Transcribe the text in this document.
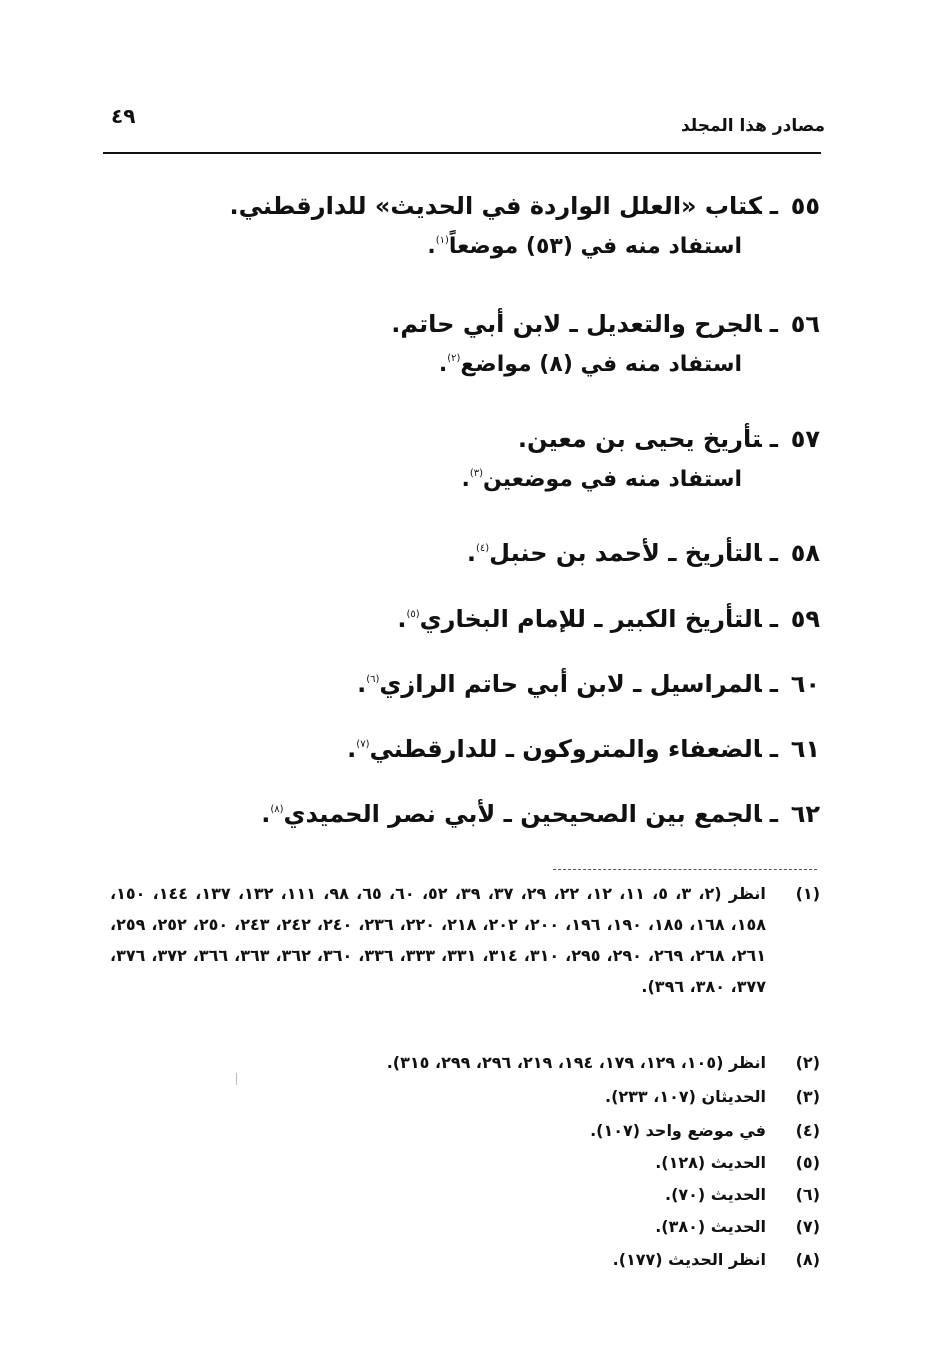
٤٩	مصادر هذا المجلد
٥٥ـكتاب «العلل الواردة في الحديث» للدارقطني.
استفاد منه في (٥٣) موضعاً$^{(١)}$.
٥٦ـالجرح والتعديل ـ لابن أبي حاتم.
استفاد منه في (٨) مواضع$^{(٢)}$.
٥٧ـتأريخ يحيى بن معين.
استفاد منه في موضعين$^{(٣)}$.
٥٨ـالتأريخ ـ لأحمد بن حنبل$^{(٤)}$.
٥٩ـالتأريخ الكبير ـ للإمام البخاري$^{(٥)}$.
٦٠ـالمراسيل ـ لابن أبي حاتم الرازي$^{(٦)}$.
٦١ـالضعفاء والمتروكون ـ للدارقطني$^{(٧)}$.
٦٢ـالجمع بين الصحيحين ـ لأبي نصر الحميدي$^{(٨)}$.
(١)
انظر (٢، ٣، ٥، ١١، ١٢، ٢٢، ٢٩، ٣٧، ٣٩، ٥٢، ٦٠، ٦٥، ٩٨، ١١١، ١٣٢، ١٣٧، ١٤٤، ١٥٠، ١٥٨، ١٦٨، ١٨٥، ١٩٠، ١٩٦، ٢٠٠، ٢٠٢، ٢١٨، ٢٢٠، ٢٣٦، ٢٤٠، ٢٤٢، ٢٤٣، ٢٥٠، ٢٥٢، ٢٥٩، ٢٦١، ٢٦٨، ٢٦٩، ٢٩٠، ٢٩٥، ٣١٠، ٣١٤، ٣٣١، ٣٣٣، ٣٣٦، ٣٦٠، ٣٦٢، ٣٦٣، ٣٦٦، ٣٧٢، ٣٧٦، ٣٧٧، ٣٨٠، ٣٩٦).
(٢)انظر (١٠٥، ١٢٩، ١٧٩، ١٩٤، ٢١٩، ٢٩٦، ٢٩٩، ٣١٥).
(٣)الحديثان (١٠٧، ٢٣٣).
(٤)في موضع واحد (١٠٧).
(٥)الحديث (١٢٨).
(٦)الحديث (٧٠).
(٧)الحديث (٣٨٠).
(٨)انظر الحديث (١٧٧).
